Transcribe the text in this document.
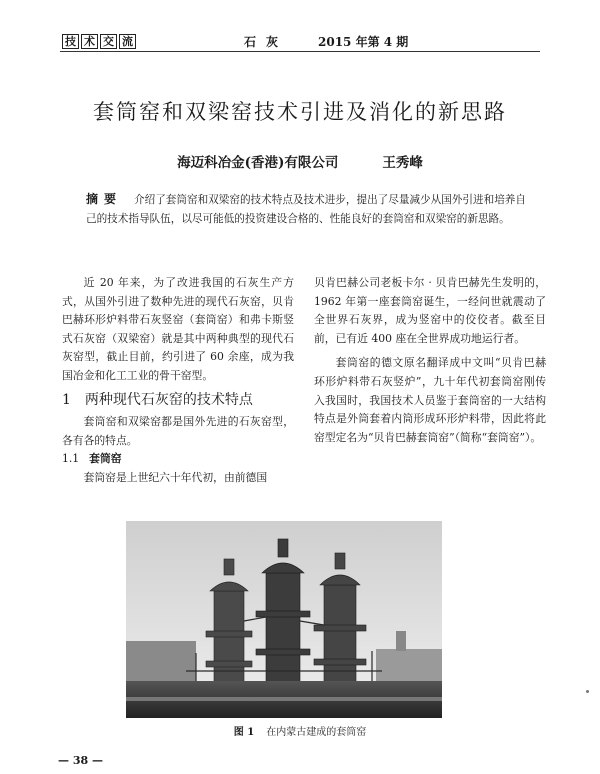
技 术 交 流	石灰 2015 年第 4 期
套筒窑和双梁窑技术引进及消化的新思路
海迈科冶金(香港)有限公司	王秀峰
摘要 介绍了套筒窑和双梁窑的技术特点及技术进步，提出了尽量减少从国外引进和培养自己的技术指导队伍，以尽可能低的投资建设合格的、性能良好的套筒窑和双梁窑的新思路。

近 20 年来，为了改进我国的石灰生产方式，从国外引进了数种先进的现代石灰窑，贝肯巴赫环形炉料带石灰竖窑（套筒窑）和弗卡斯竖式石灰窑（双梁窑）就是其中两种典型的现代石灰窑型，截止目前，约引进了 60 余座，成为我国冶金和化工工业的骨干窑型。

1 两种现代石灰窑的技术特点

套筒窑和双梁窑都是国外先进的石灰窑型，各有各的特点。

1.1 套筒窑

套筒窑是上世纪六十年代初，由前德国

贝肯巴赫公司老板卡尔 · 贝肯巴赫先生发明的，1962 年第一座套筒窑诞生，一经问世就震动了全世界石灰界，成为竖窑中的佼佼者。截至目前，已有近 400 座在全世界成功地运行者。

套筒窑的德文原名翻译成中文叫“贝肯巴赫环形炉料带石灰竖炉”，九十年代初套筒窑刚传入我国时，我国技术人员鉴于套筒窑的一大结构特点是外筒套着内筒形成环形炉料带，因此将此窑型定名为“贝肯巴赫套筒窑”（简称“套筒窑”）。

图 1 在内蒙古建成的套筒窑
— 38 —
